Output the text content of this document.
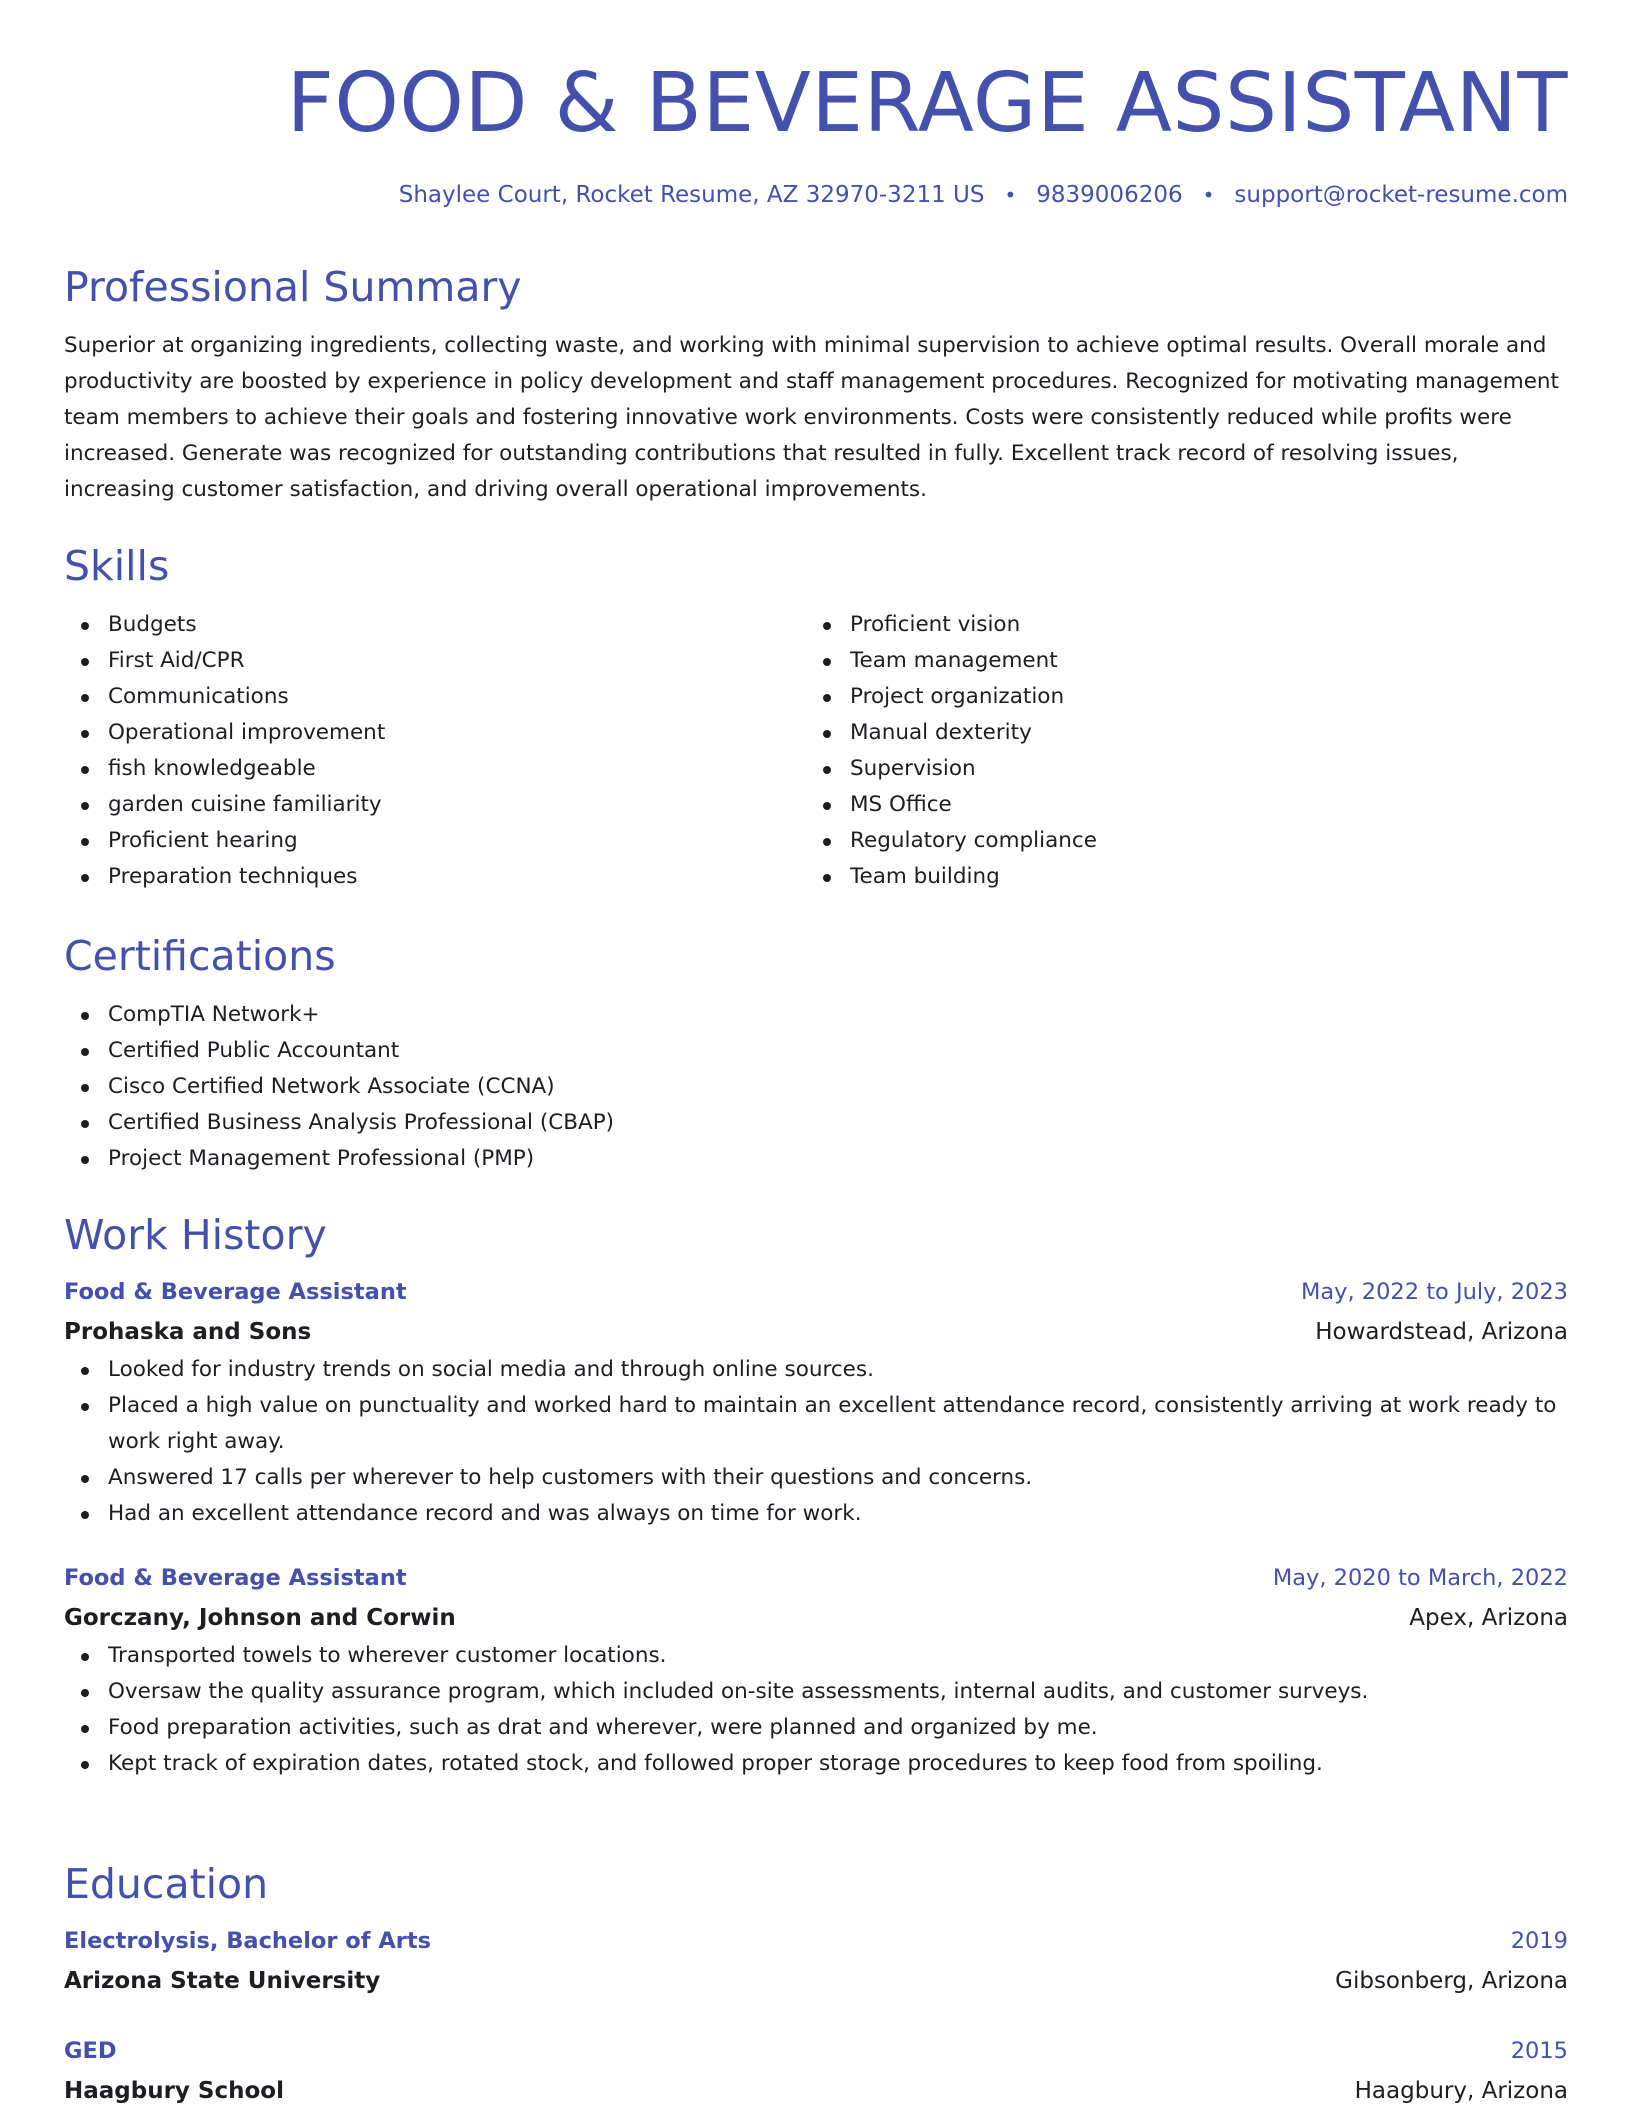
FOOD & BEVERAGE ASSISTANT
Shaylee Court, Rocket Resume, AZ 32970-3211 US • 9839006206 • support@rocket-resume.com
Professional Summary

Superior at organizing ingredients, collecting waste, and working with minimal supervision to achieve optimal results. Overall morale and productivity are boosted by experience in policy development and staff management procedures. Recognized for motivating management team members to achieve their goals and fostering innovative work environments. Costs were consistently reduced while profits were increased. Generate was recognized for outstanding contributions that resulted in fully. Excellent track record of resolving issues, increasing customer satisfaction, and driving overall operational improvements.

Skills
Budgets
First Aid/CPR
Communications
Operational improvement
fish knowledgeable
garden cuisine familiarity
Proficient hearing
Preparation techniques
Proficient vision
Team management
Project organization
Manual dexterity
Supervision
MS Office
Regulatory compliance
Team building
Certifications
CompTIA Network+
Certified Public Accountant
Cisco Certified Network Associate (CCNA)
Certified Business Analysis Professional (CBAP)
Project Management Professional (PMP)
Work History
Food & Beverage Assistant	May, 2022 to July, 2023
Prohaska and Sons	Howardstead, Arizona
Looked for industry trends on social media and through online sources.
Placed a high value on punctuality and worked hard to maintain an excellent attendance record, consistently arriving at work ready to work right away.
Answered 17 calls per wherever to help customers with their questions and concerns.
Had an excellent attendance record and was always on time for work.
Food & Beverage Assistant	May, 2020 to March, 2022
Gorczany, Johnson and Corwin	Apex, Arizona
Transported towels to wherever customer locations.
Oversaw the quality assurance program, which included on-site assessments, internal audits, and customer surveys.
Food preparation activities, such as drat and wherever, were planned and organized by me.
Kept track of expiration dates, rotated stock, and followed proper storage procedures to keep food from spoiling.
Education
Electrolysis, Bachelor of Arts	2019
Arizona State University	Gibsonberg, Arizona
GED	2015
Haagbury School	Haagbury, Arizona
